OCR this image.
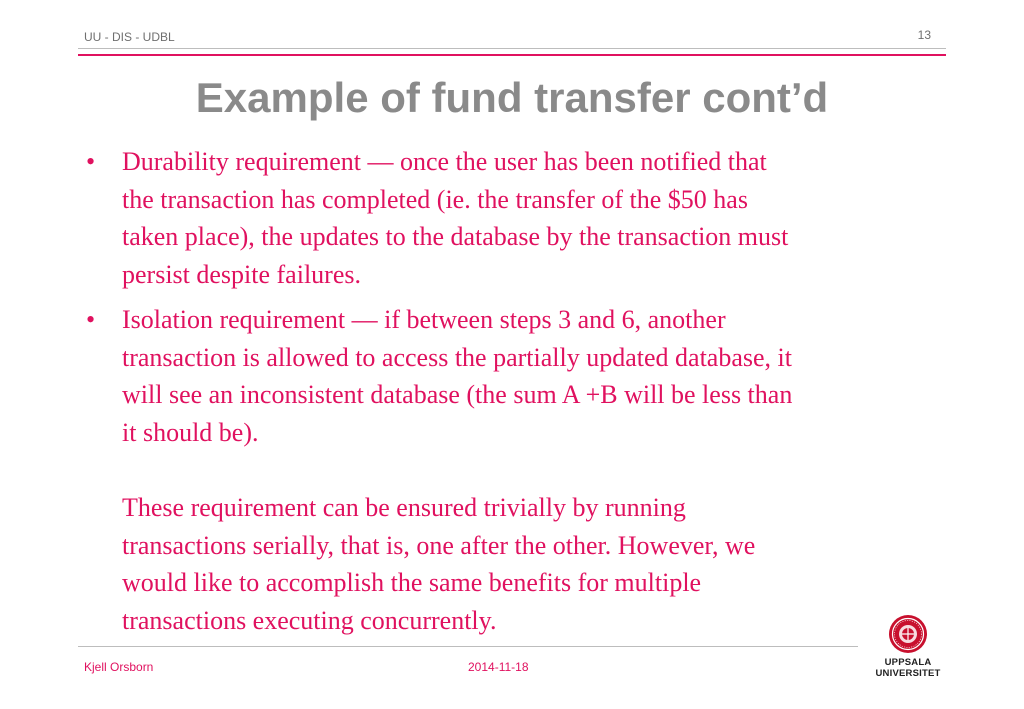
UU - DIS - UDBL	13
Example of fund transfer cont’d
• Durability requirement — once the user has been notified that
the transaction has completed (ie. the transfer of the $50 has
taken place), the updates to the database by the transaction must
persist despite failures.
• Isolation requirement — if between steps 3 and 6, another
transaction is allowed to access the partially updated database, it
will see an inconsistent database (the sum A +B will be less than
it should be).
These requirement can be ensured trivially by running
transactions serially, that is, one after the other. However, we
would like to accomplish the same benefits for multiple
transactions executing concurrently.
Kjell Orsborn	2014-11-18	UPPSALA
UNIVERSITET
